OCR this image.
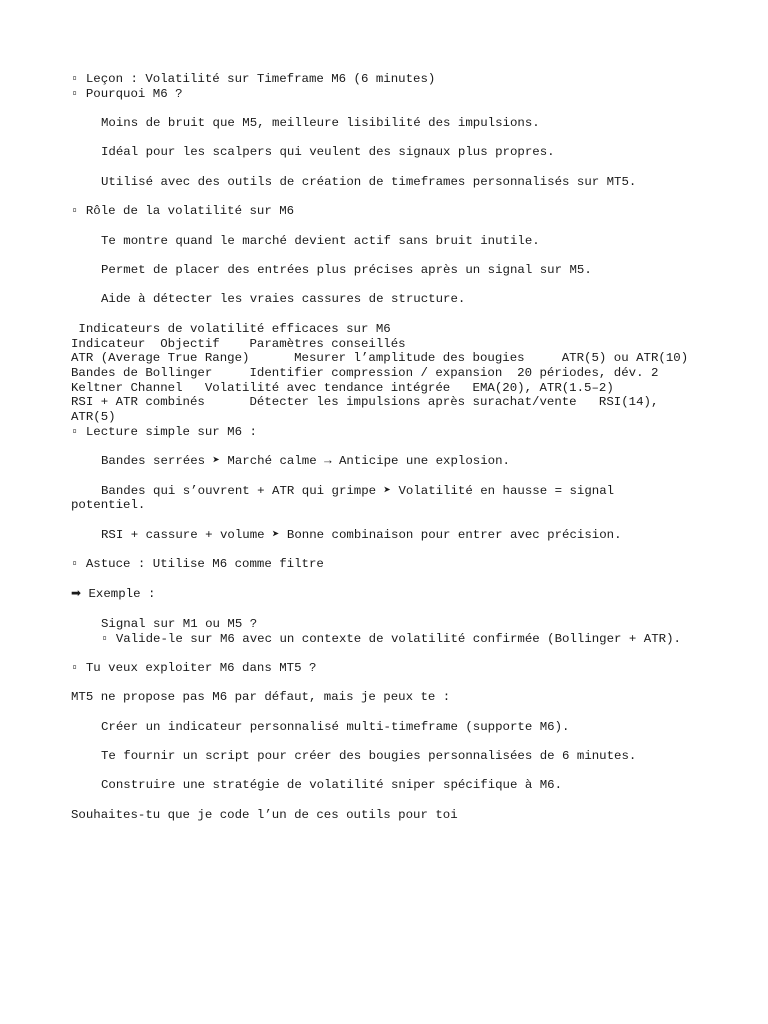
▫ Leçon : Volatilité sur Timeframe M6 (6 minutes)
▫ Pourquoi M6 ?
Moins de bruit que M5, meilleure lisibilité des impulsions.
Idéal pour les scalpers qui veulent des signaux plus propres.
Utilisé avec des outils de création de timeframes personnalisés sur MT5.
▫ Rôle de la volatilité sur M6
Te montre quand le marché devient actif sans bruit inutile.
Permet de placer des entrées plus précises après un signal sur M5.
Aide à détecter les vraies cassures de structure.
Indicateurs de volatilité efficaces sur M6
Indicateur  Objectif    Paramètres conseillés
ATR (Average True Range)      Mesurer l’amplitude des bougies     ATR(5) ou ATR(10)
Bandes de Bollinger     Identifier compression / expansion  20 périodes, dév. 2
Keltner Channel   Volatilité avec tendance intégrée   EMA(20), ATR(1.5–2)
RSI + ATR combinés      Détecter les impulsions après surachat/vente   RSI(14),
ATR(5)
▫ Lecture simple sur M6 :
Bandes serrées ➤ Marché calme → Anticipe une explosion.
Bandes qui s’ouvrent + ATR qui grimpe ➤ Volatilité en hausse = signal
potentiel.
RSI + cassure + volume ➤ Bonne combinaison pour entrer avec précision.
▫ Astuce : Utilise M6 comme filtre
➡ Exemple :
Signal sur M1 ou M5 ?
▫ Valide-le sur M6 avec un contexte de volatilité confirmée (Bollinger + ATR).
▫ Tu veux exploiter M6 dans MT5 ?
MT5 ne propose pas M6 par défaut, mais je peux te :
Créer un indicateur personnalisé multi-timeframe (supporte M6).
Te fournir un script pour créer des bougies personnalisées de 6 minutes.
Construire une stratégie de volatilité sniper spécifique à M6.
Souhaites-tu que je code l’un de ces outils pour toi
